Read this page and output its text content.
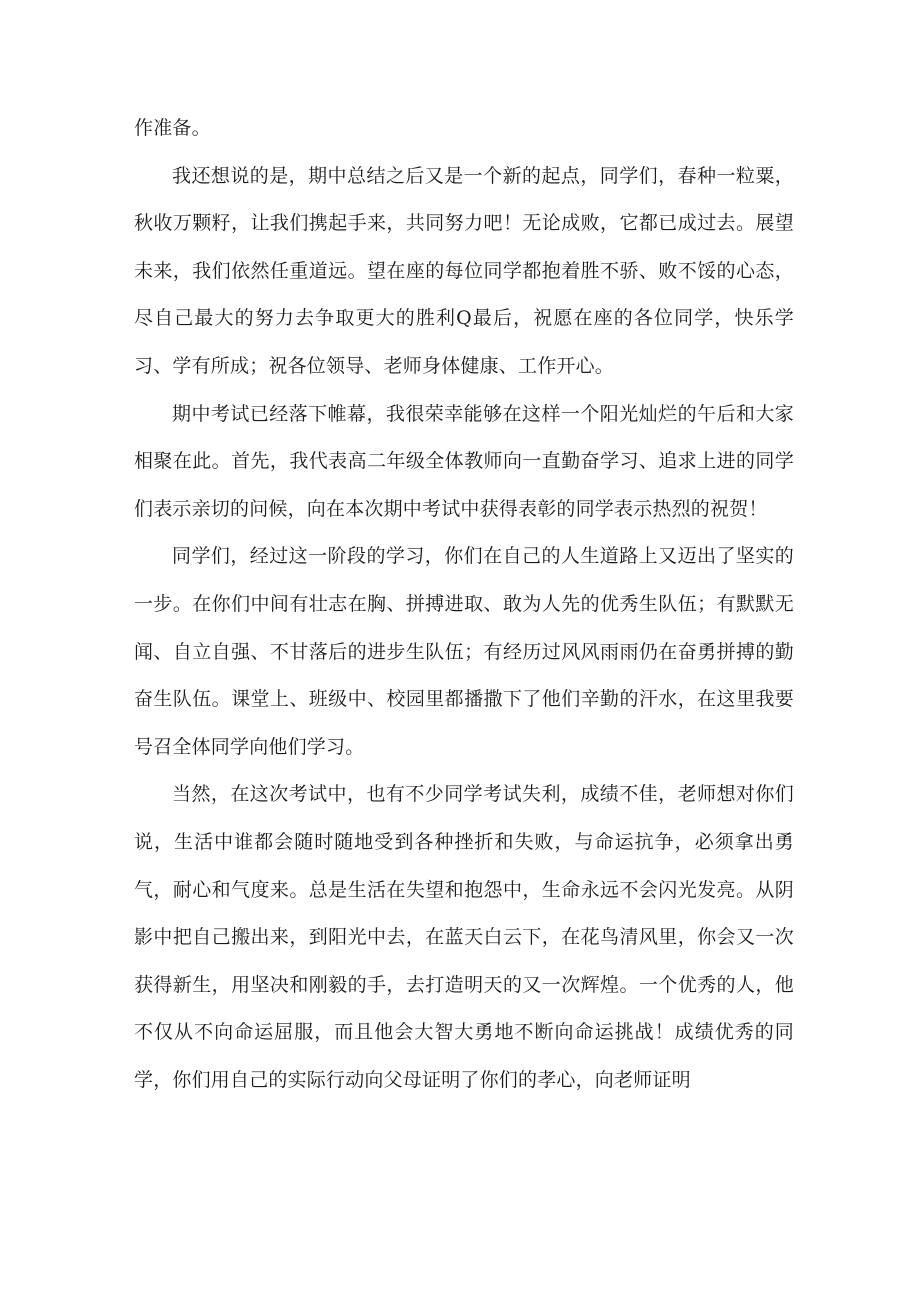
作准备。

我还想说的是，期中总结之后又是一个新的起点，同学们，春种一粒粟，秋收万颗籽，让我们携起手来，共同努力吧！无论成败，它都已成过去。展望未来，我们依然任重道远。望在座的每位同学都抱着胜不骄、败不馁的心态，尽自己最大的努力去争取更大的胜利Q最后，祝愿在座的各位同学，快乐学习、学有所成；祝各位领导、老师身体健康、工作开心。

期中考试已经落下帷幕，我很荣幸能够在这样一个阳光灿烂的午后和大家相聚在此。首先，我代表高二年级全体教师向一直勤奋学习、追求上进的同学们表示亲切的问候，向在本次期中考试中获得表彰的同学表示热烈的祝贺！

同学们，经过这一阶段的学习，你们在自己的人生道路上又迈出了坚实的一步。在你们中间有壮志在胸、拼搏进取、敢为人先的优秀生队伍；有默默无闻、自立自强、不甘落后的进步生队伍；有经历过风风雨雨仍在奋勇拼搏的勤奋生队伍。课堂上、班级中、校园里都播撒下了他们辛勤的汗水，在这里我要号召全体同学向他们学习。

当然，在这次考试中，也有不少同学考试失利，成绩不佳，老师想对你们说，生活中谁都会随时随地受到各种挫折和失败，与命运抗争，必须拿出勇气，耐心和气度来。总是生活在失望和抱怨中，生命永远不会闪光发亮。从阴影中把自己搬出来，到阳光中去，在蓝天白云下，在花鸟清风里，你会又一次获得新生，用坚决和刚毅的手，去打造明天的又一次辉煌。一个优秀的人，他不仅从不向命运屈服，而且他会大智大勇地不断向命运挑战！成绩优秀的同学，你们用自己的实际行动向父母证明了你们的孝心，向老师证明
